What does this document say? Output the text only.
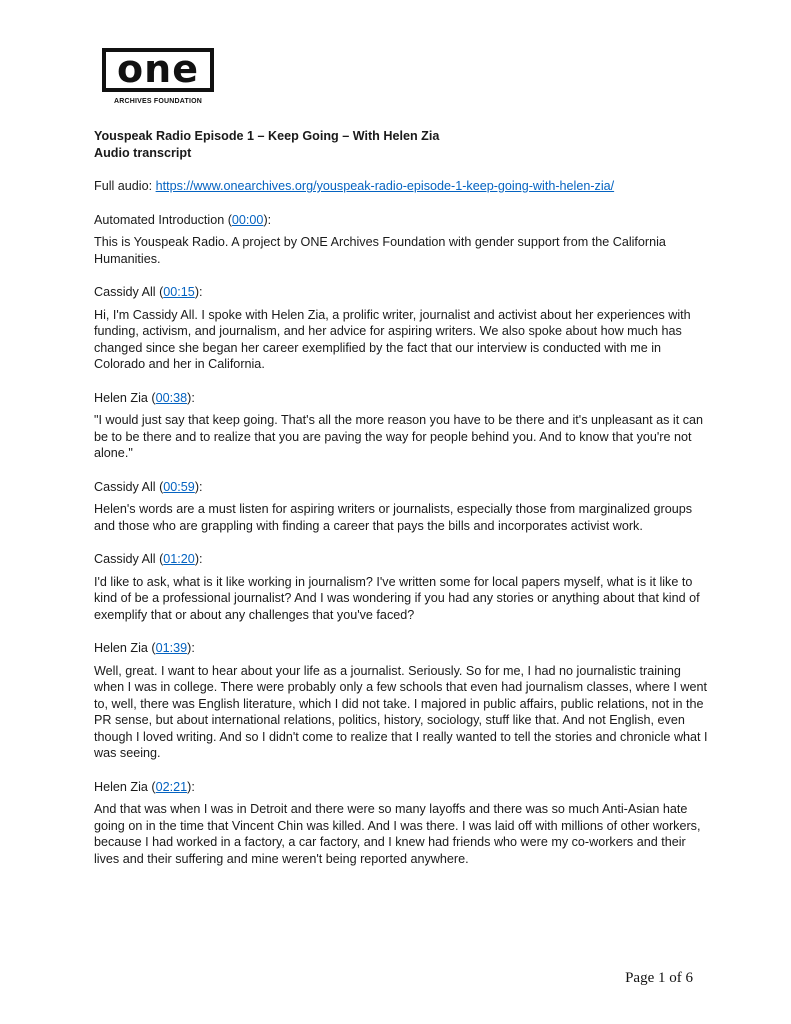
one
ARCHIVES FOUNDATION

Youspeak Radio Episode 1 – Keep Going – With Helen Zia

Audio transcript

Full audio: https://www.onearchives.org/youspeak-radio-episode-1-keep-going-with-helen-zia/

Automated Introduction (00:00):

This is Youspeak Radio. A project by ONE Archives Foundation with gender support from the California Humanities.

Cassidy All (00:15):

Hi, I'm Cassidy All. I spoke with Helen Zia, a prolific writer, journalist and activist about her experiences with funding, activism, and journalism, and her advice for aspiring writers. We also spoke about how much has changed since she began her career exemplified by the fact that our interview is conducted with me in Colorado and her in California.

Helen Zia (00:38):

"I would just say that keep going. That's all the more reason you have to be there and it's unpleasant as it can be to be there and to realize that you are paving the way for people behind you. And to know that you're not alone."

Cassidy All (00:59):

Helen's words are a must listen for aspiring writers or journalists, especially those from marginalized groups and those who are grappling with finding a career that pays the bills and incorporates activist work.

Cassidy All (01:20):

I'd like to ask, what is it like working in journalism? I've written some for local papers myself, what is it like to kind of be a professional journalist? And I was wondering if you had any stories or anything about that kind of exemplify that or about any challenges that you've faced?

Helen Zia (01:39):

Well, great. I want to hear about your life as a journalist. Seriously. So for me, I had no journalistic training when I was in college. There were probably only a few schools that even had journalism classes, where I went to, well, there was English literature, which I did not take. I majored in public affairs, public relations, not in the PR sense, but about international relations, politics, history, sociology, stuff like that. And not English, even though I loved writing. And so I didn't come to realize that I really wanted to tell the stories and chronicle what I was seeing.

Helen Zia (02:21):

And that was when I was in Detroit and there were so many layoffs and there was so much Anti-Asian hate going on in the time that Vincent Chin was killed. And I was there. I was laid off with millions of other workers, because I had worked in a factory, a car factory, and I knew had friends who were my co-workers and their lives and their suffering and mine weren't being reported anywhere.

Page 1 of 6
